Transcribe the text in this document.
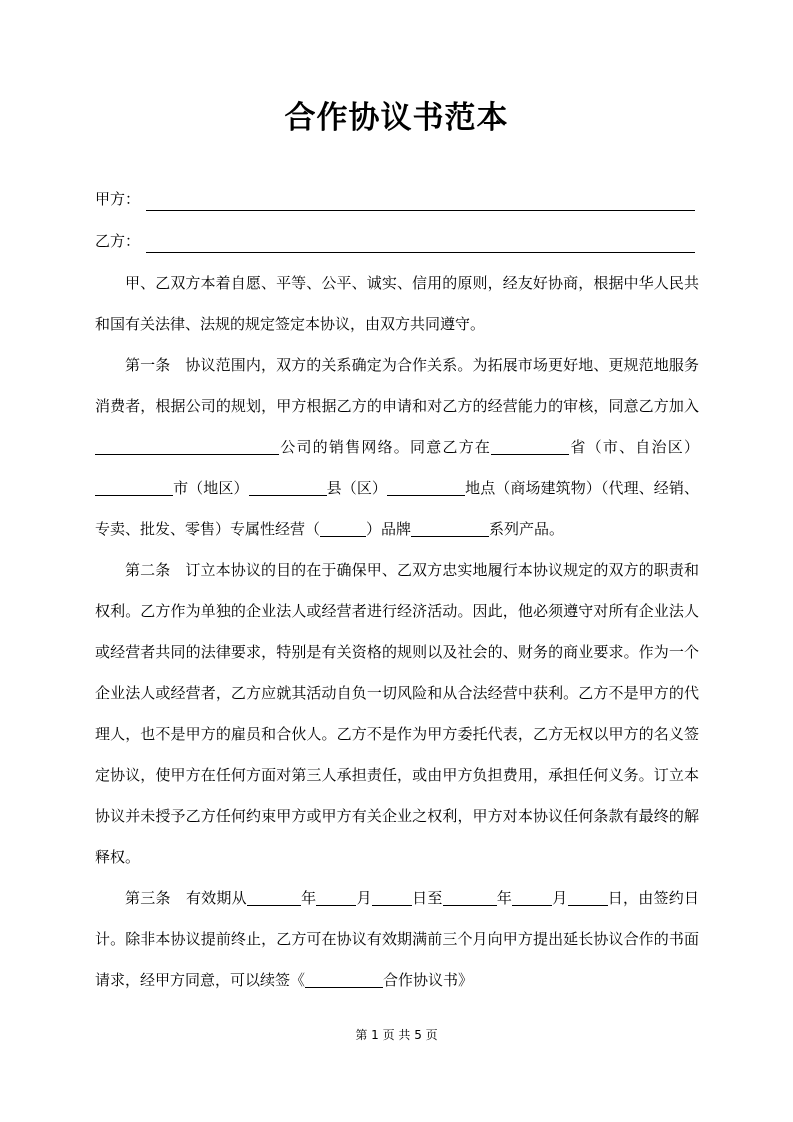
合作协议书范本
甲方：
乙方：

甲、乙双方本着自愿、平等、公平、诚实、信用的原则，经友好协商，根据中华人民共和国有关法律、法规的规定签定本协议，由双方共同遵守。

第一条　协议范围内，双方的关系确定为合作关系。为拓展市场更好地、更规范地服务消费者，根据公司的规划，甲方根据乙方的申请和对乙方的经营能力的审核，同意乙方加入公司的销售网络。同意乙方在	省（市、自治区）市（地区）	县（区）	地点（商场建筑物）（代理、经销、专卖、批发、零售）专属性经营（	）品牌	系列产品。

第二条　订立本协议的目的在于确保甲、乙双方忠实地履行本协议规定的双方的职责和权利。乙方作为单独的企业法人或经营者进行经济活动。因此，他必须遵守对所有企业法人或经营者共同的法律要求，特别是有关资格的规则以及社会的、财务的商业要求。作为一个企业法人或经营者，乙方应就其活动自负一切风险和从合法经营中获利。乙方不是甲方的代理人，也不是甲方的雇员和合伙人。乙方不是作为甲方委托代表，乙方无权以甲方的名义签定协议，使甲方在任何方面对第三人承担责任，或由甲方负担费用，承担任何义务。订立本协议并未授予乙方任何约束甲方或甲方有关企业之权利，甲方对本协议任何条款有最终的解释权。

第三条　有效期从	年	月	日至	年	月	日，由签约日计。除非本协议提前终止，乙方可在协议有效期满前三个月向甲方提出延长协议合作的书面请求，经甲方同意，可以续签《	合作协议书》

第 1 页 共 5 页
